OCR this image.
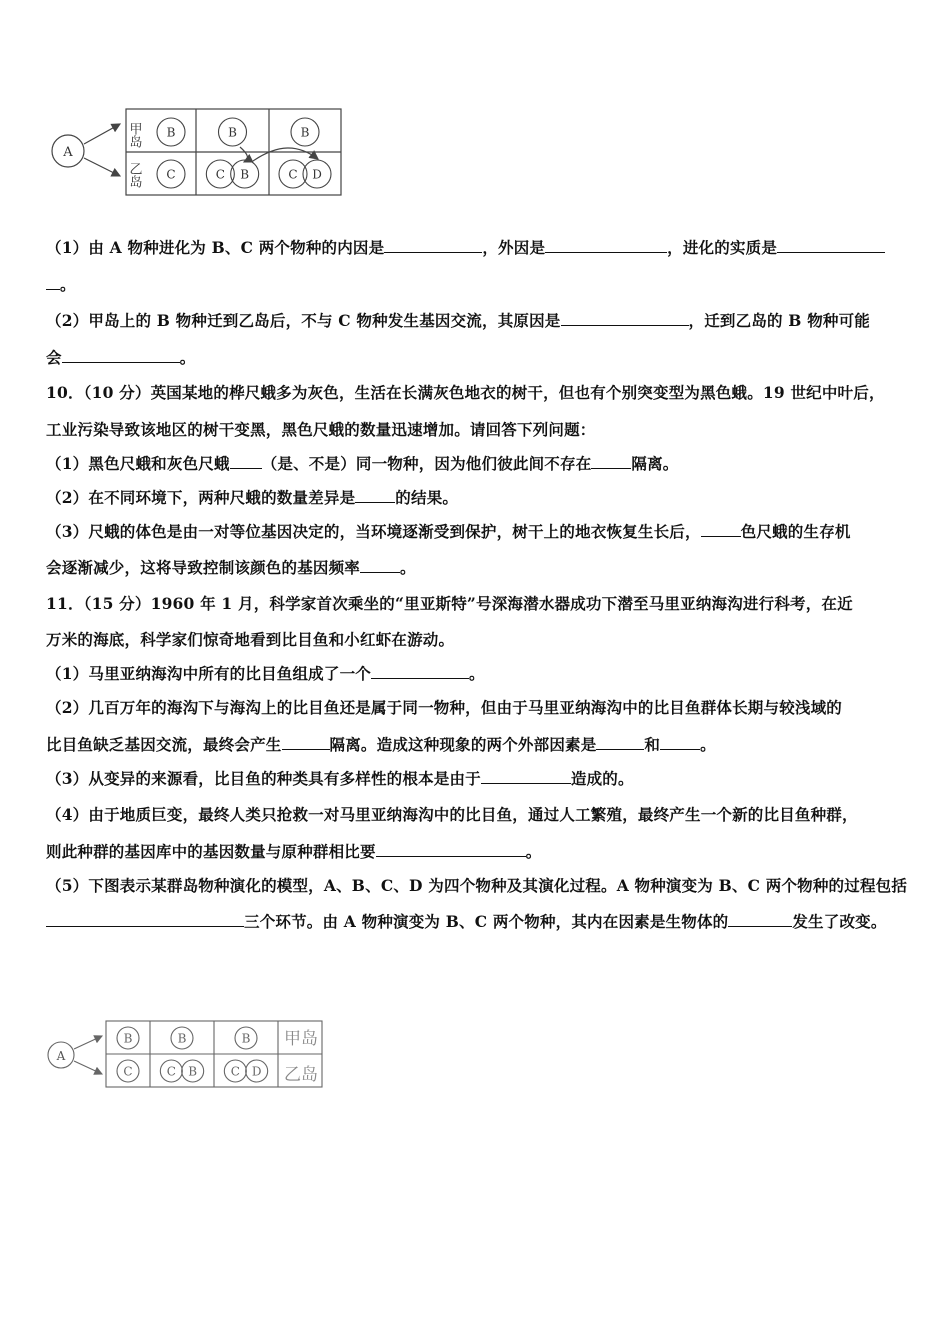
A
甲岛
乙岛
B	B	B
C	C B	C D
（1）由 A 物种进化为 B、C 两个物种的内因是	，外因是	，进化的实质是
。
（2）甲岛上的 B 物种迁到乙岛后，不与 C 物种发生基因交流，其原因是	，迁到乙岛的 B 物种可能
会	。
10．（10 分）英国某地的桦尺蛾多为灰色，生活在长满灰色地衣的树干，但也有个别突变型为黑色蛾。19 世纪中叶后，
工业污染导致该地区的树干变黑，黑色尺蛾的数量迅速增加。请回答下列问题：
（1）黑色尺蛾和灰色尺蛾 （是、不是）同一物种，因为他们彼此间不存在	隔离。
（2）在不同环境下，两种尺蛾的数量差异是	的结果。
（3）尺蛾的体色是由一对等位基因决定的，当环境逐渐受到保护，树干上的地衣恢复生长后，	色尺蛾的生存机
会逐渐减少，这将导致控制该颜色的基因频率	。
11．（15 分）1960 年 1 月，科学家首次乘坐的“里亚斯特”号深海潜水器成功下潜至马里亚纳海沟进行科考，在近
万米的海底，科学家们惊奇地看到比目鱼和小红虾在游动。
（1）马里亚纳海沟中所有的比目鱼组成了一个	。
（2）几百万年的海沟下与海沟上的比目鱼还是属于同一物种，但由于马里亚纳海沟中的比目鱼群体长期与较浅域的
比目鱼缺乏基因交流，最终会产生	隔离。造成这种现象的两个外部因素是	和	。
（3）从变异的来源看，比目鱼的种类具有多样性的根本是由于	造成的。
（4）由于地质巨变，最终人类只抢救一对马里亚纳海沟中的比目鱼，通过人工繁殖，最终产生一个新的比目鱼种群，
则此种群的基因库中的基因数量与原种群相比要	。
（5）下图表示某群岛物种演化的模型，A、B、C、D 为四个物种及其演化过程。A 物种演变为 B、C 两个物种的过程包括
三个环节。由 A 物种演变为 B、C 两个物种，其内在因素是生物体的	发生了改变。
A
B	B	B
C	C B	C D
甲岛
乙岛
